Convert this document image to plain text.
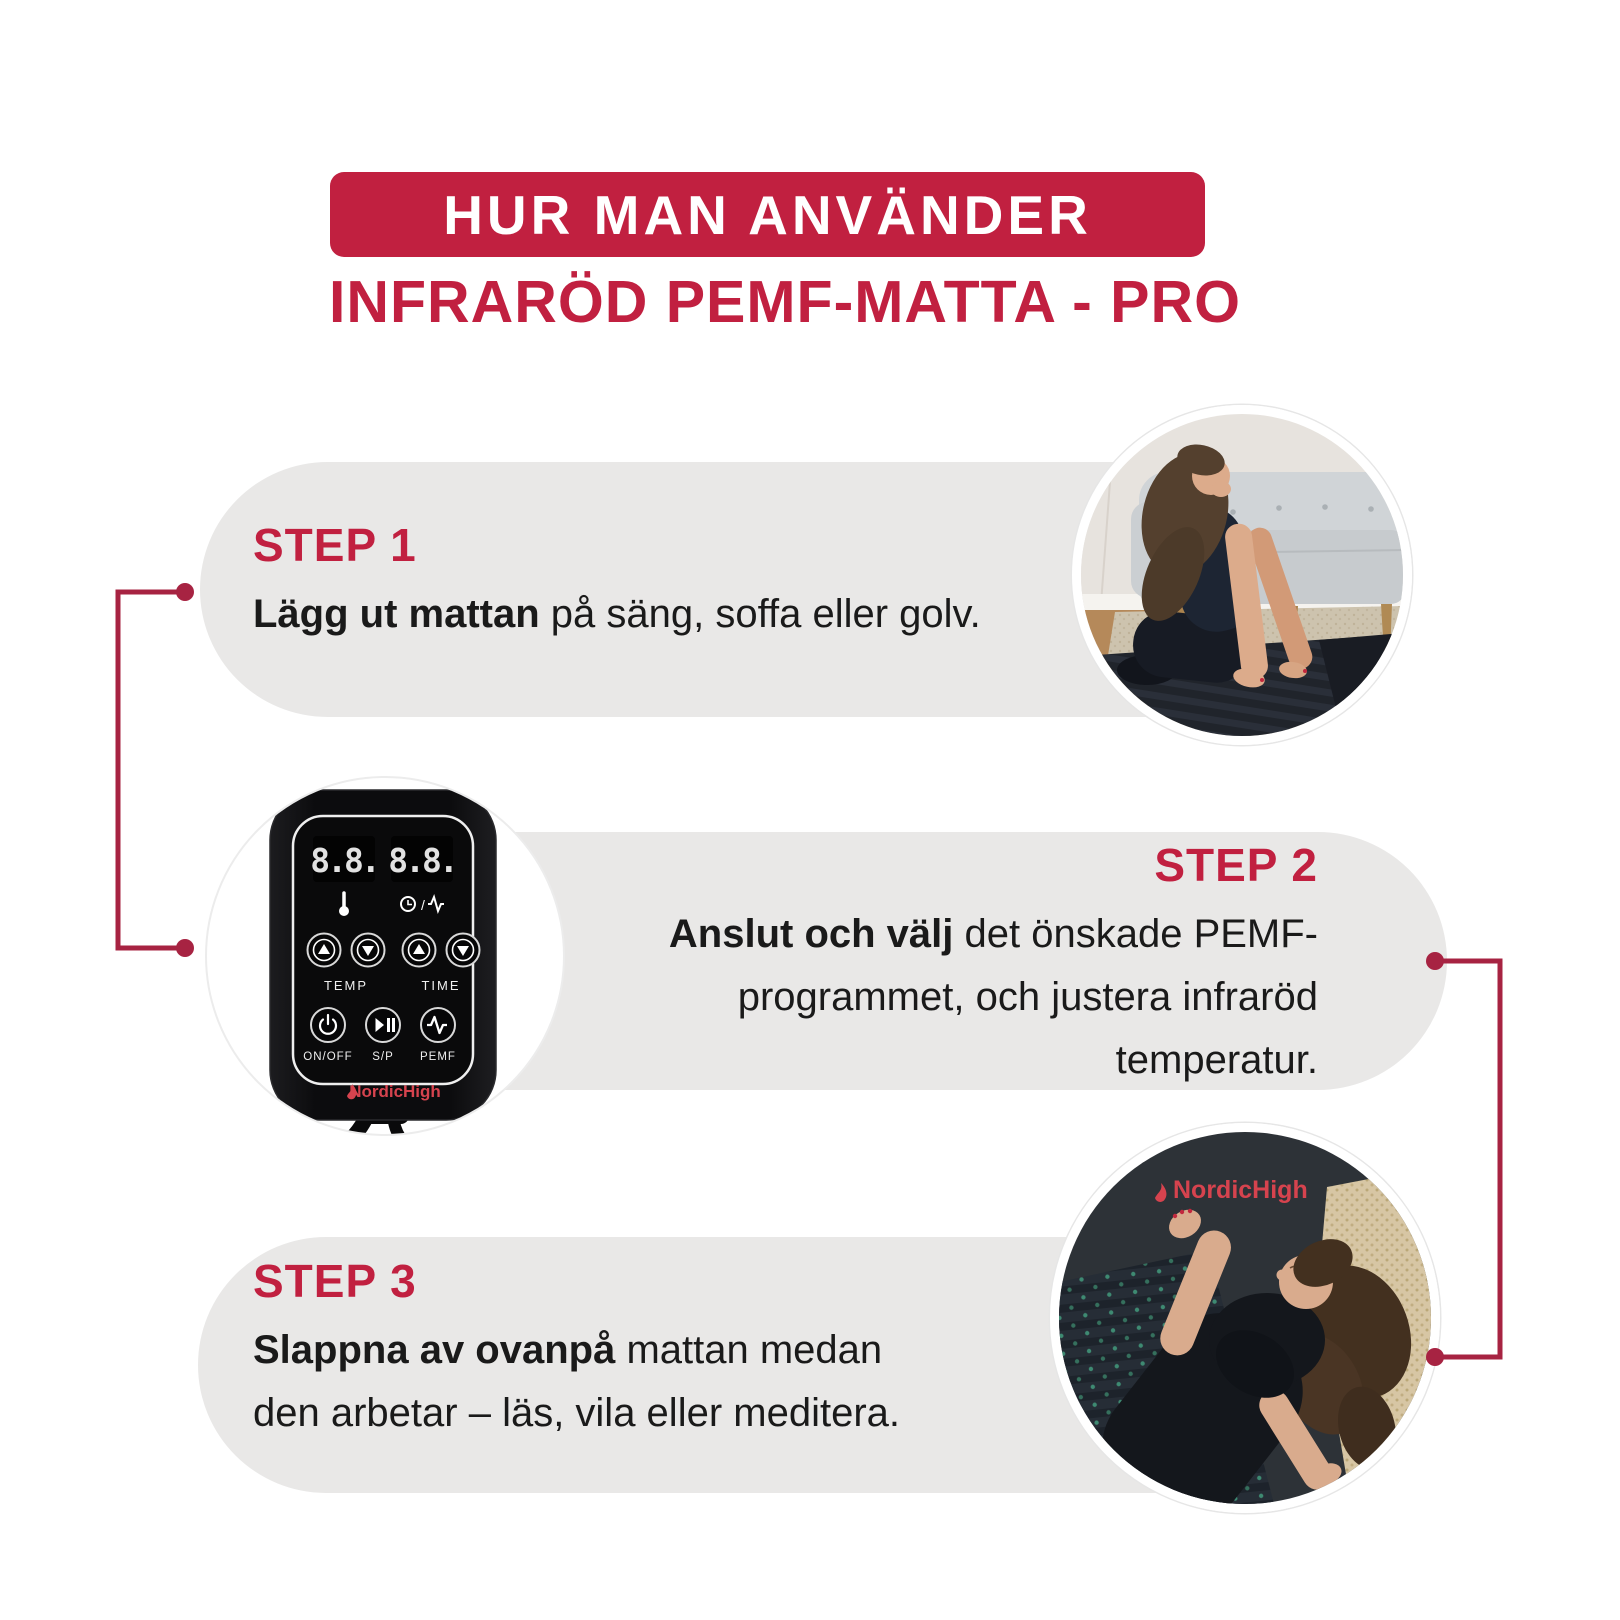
HUR MAN ANVÄNDER
INFRARÖD PEMF-MATTA - PRO
STEP 1
Lägg ut mattan på säng, soffa eller golv.
STEP 2
Anslut och välj det önskade PEMF-
programmet, och justera infraröd
temperatur.
STEP 3
Slappna av ovanpå mattan medan
den arbetar – läs, vila eller meditera.
NordicHigh
8.8. 8.8.
/
TEMP	TIME
ON/OFF S/P PEMF
NordicHigh
NordicHigh
